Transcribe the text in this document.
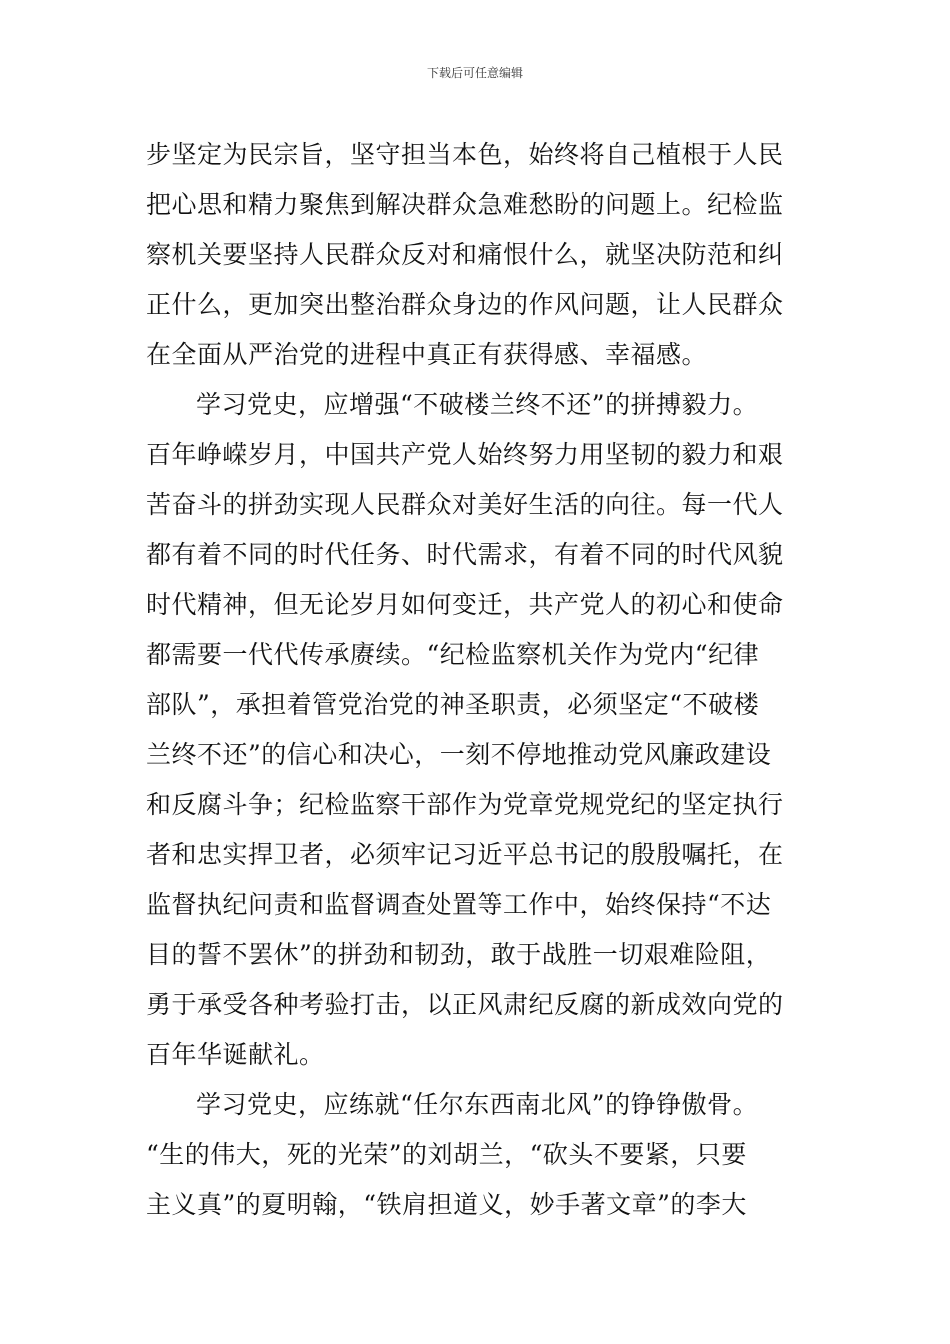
下载后可任意编辑
步坚定为民宗旨，坚守担当本色，始终将自己植根于人民
把心思和精力聚焦到解决群众急难愁盼的问题上。纪检监
察机关要坚持人民群众反对和痛恨什么，就坚决防范和纠
正什么，更加突出整治群众身边的作风问题，让人民群众
在全面从严治党的进程中真正有获得感、幸福感。
学习党史，应增强“不破楼兰终不还”的拼搏毅力。
百年峥嵘岁月，中国共产党人始终努力用坚韧的毅力和艰
苦奋斗的拼劲实现人民群众对美好生活的向往。每一代人
都有着不同的时代任务、时代需求，有着不同的时代风貌
时代精神，但无论岁月如何变迁，共产党人的初心和使命
都需要一代代传承赓续。“纪检监察机关作为党内“纪律
部队”，承担着管党治党的神圣职责，必须坚定“不破楼
兰终不还”的信心和决心，一刻不停地推动党风廉政建设
和反腐斗争；纪检监察干部作为党章党规党纪的坚定执行
者和忠实捍卫者，必须牢记习近平总书记的殷殷嘱托，在
监督执纪问责和监督调查处置等工作中，始终保持“不达
目的誓不罢休”的拼劲和韧劲，敢于战胜一切艰难险阻，
勇于承受各种考验打击，以正风肃纪反腐的新成效向党的
百年华诞献礼。
学习党史，应练就“任尔东西南北风”的铮铮傲骨。
“生的伟大，死的光荣”的刘胡兰，“砍头不要紧，只要
主义真”的夏明翰，“铁肩担道义，妙手著文章”的李大
